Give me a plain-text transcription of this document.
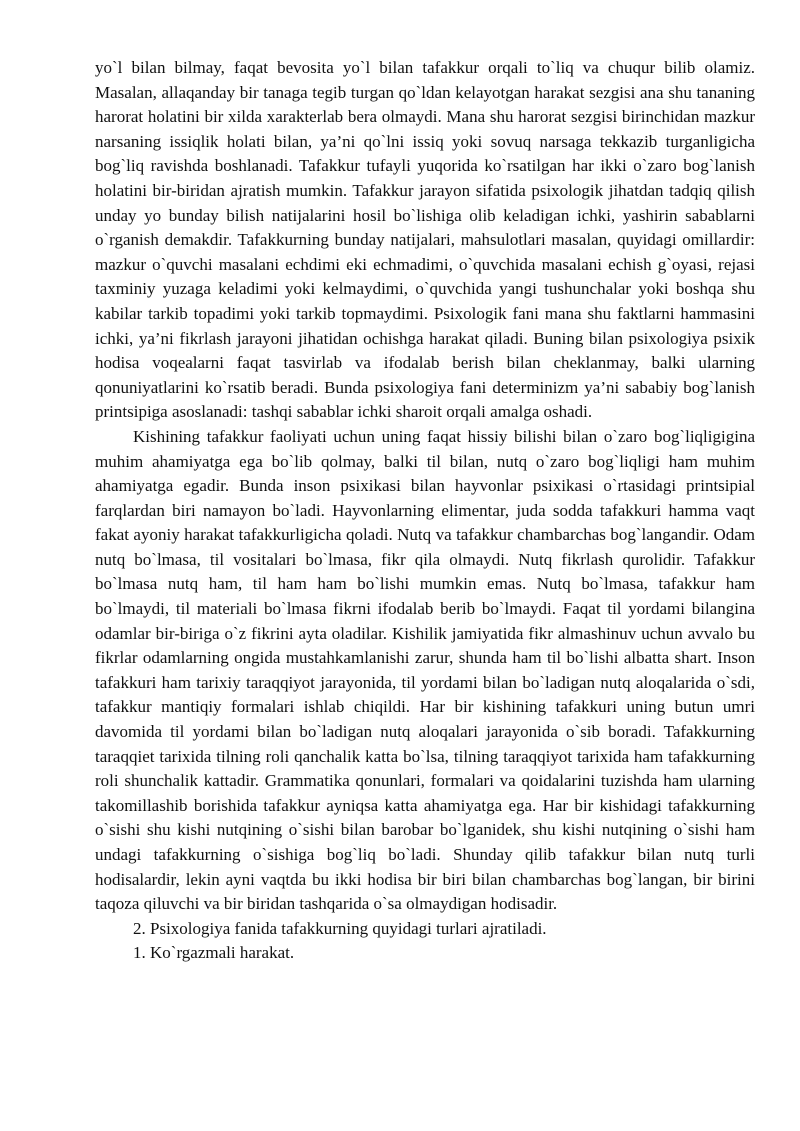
yo`l bilan bilmay, faqat bevosita yo`l bilan tafakkur orqali to`liq va chuqur bilib olamiz. Masalan, allaqanday bir tanaga tegib turgan qo`ldan kelayotgan harakat sezgisi ana shu tananing harorat holatini bir xilda xarakterlab bera olmaydi. Mana shu harorat sezgisi birinchidan mazkur narsaning issiqlik holati bilan, ya’ni qo`lni issiq yoki sovuq narsaga tekkazib turganligicha bog`liq ravishda boshlanadi. Tafakkur tufayli yuqorida ko`rsatilgan har ikki o`zaro bog`lanish holatini bir-biridan ajratish mumkin. Tafakkur jarayon sifatida psixologik jihatdan tadqiq qilish unday yo bunday bilish natijalarini hosil bo`lishiga olib keladigan ichki, yashirin sabablarni o`rganish demakdir. Tafakkurning bunday natijalari, mahsulotlari masalan, quyidagi omillardir: mazkur o`quvchi masalani echdimi eki echmadimi, o`quvchida masalani echish g`oyasi, rejasi taxminiy yuzaga keladimi yoki kelmaydimi, o`quvchida yangi tushunchalar yoki boshqa shu kabilar tarkib topadimi yoki tarkib topmaydimi. Psixologik fani mana shu faktlarni hammasini ichki, ya’ni fikrlash jarayoni jihatidan ochishga harakat qiladi. Buning bilan psixologiya psixik hodisa voqealarni faqat tasvirlab va ifodalab berish bilan cheklanmay, balki ularning qonuniyatlarini ko`rsatib beradi. Bunda psixologiya fani determinizm ya’ni sababiy bog`lanish printsipiga asoslanadi: tashqi sabablar ichki sharoit orqali amalga oshadi.

Kishining tafakkur faoliyati uchun uning faqat hissiy bilishi bilan o`zaro bog`liqligigina muhim ahamiyatga ega bo`lib qolmay, balki til bilan, nutq o`zaro bog`liqligi ham muhim ahamiyatga egadir. Bunda inson psixikasi bilan hayvonlar psixikasi o`rtasidagi printsipial farqlardan biri namayon bo`ladi. Hayvonlarning elimentar, juda sodda tafakkuri hamma vaqt fakat ayoniy harakat tafakkurligicha qoladi. Nutq va tafakkur chambarchas bog`langandir. Odam nutq bo`lmasa, til vositalari bo`lmasa, fikr qila olmaydi. Nutq fikrlash qurolidir. Tafakkur bo`lmasa nutq ham, til ham ham bo`lishi mumkin emas. Nutq bo`lmasa, tafakkur ham bo`lmaydi, til materiali bo`lmasa fikrni ifodalab berib bo`lmaydi. Faqat til yordami bilangina odamlar bir-biriga o`z fikrini ayta oladilar. Kishilik jamiyatida fikr almashinuv uchun avvalo bu fikrlar odamlarning ongida mustahkamlanishi zarur, shunda ham til bo`lishi albatta shart. Inson tafakkuri ham tarixiy taraqqiyot jarayonida, til yordami bilan bo`ladigan nutq aloqalarida o`sdi, tafakkur mantiqiy formalari ishlab chiqildi. Har bir kishining tafakkuri uning butun umri davomida til yordami bilan bo`ladigan nutq aloqalari jarayonida o`sib boradi. Tafakkurning taraqqiet tarixida tilning roli qanchalik katta bo`lsa, tilning taraqqiyot tarixida ham tafakkurning roli shunchalik kattadir. Grammatika qonunlari, formalari va qoidalarini tuzishda ham ularning takomillashib borishida tafakkur ayniqsa katta ahamiyatga ega. Har bir kishidagi tafakkurning o`sishi shu kishi nutqining o`sishi bilan barobar bo`lganidek, shu kishi nutqining o`sishi ham undagi tafakkurning o`sishiga bog`liq bo`ladi. Shunday qilib tafakkur bilan nutq turli hodisalardir, lekin ayni vaqtda bu ikki hodisa bir biri bilan chambarchas bog`langan, bir birini taqoza qiluvchi va bir biridan tashqarida o`sa olmaydigan hodisadir.

2. Psixologiya fanida tafakkurning quyidagi turlari ajratiladi.

1. Ko`rgazmali harakat.
